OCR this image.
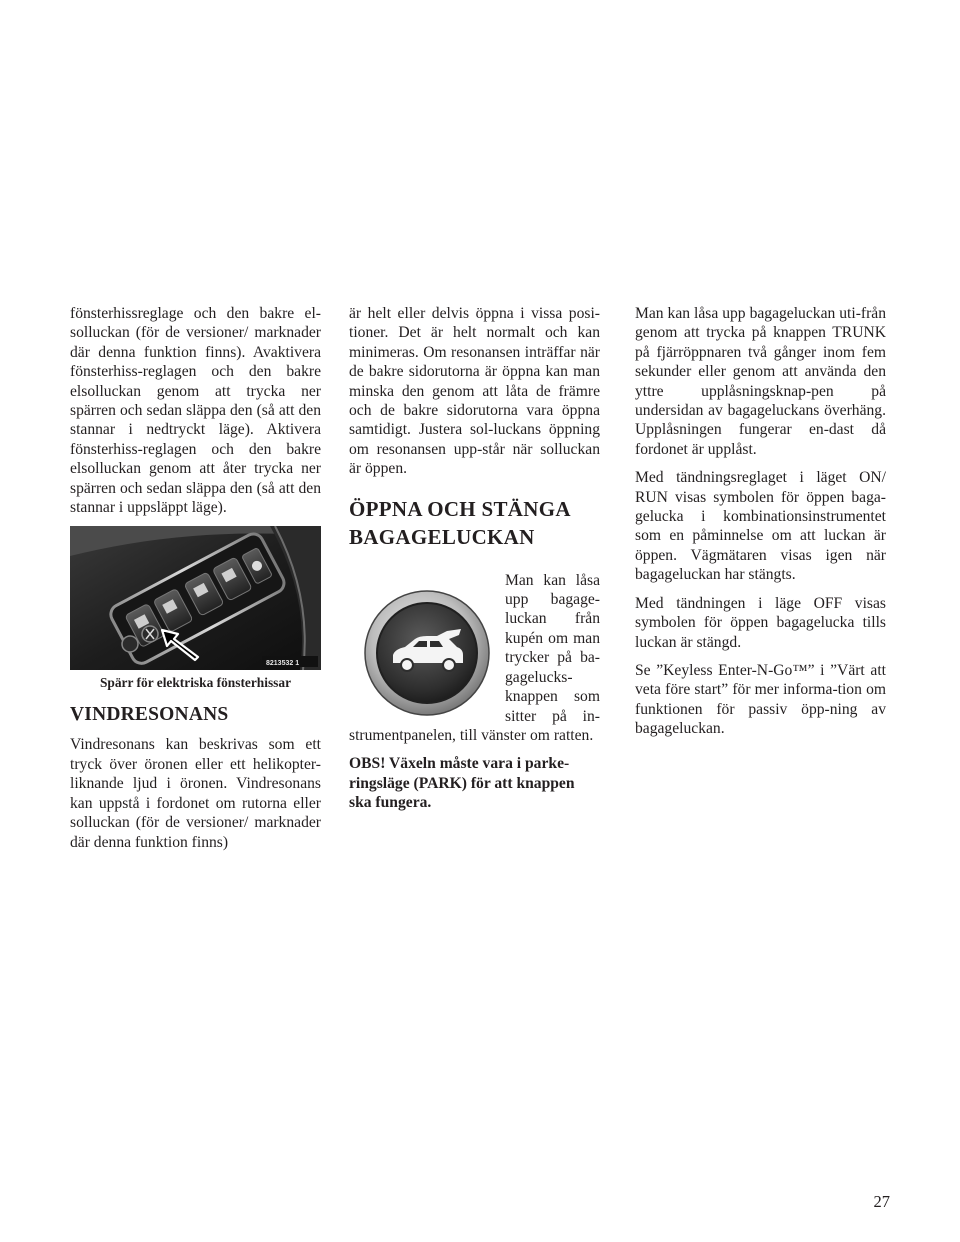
fönsterhissreglage och den bakre el-solluckan (för de versioner/ marknader där denna funktion finns). Avaktivera fönsterhiss-reglagen och den bakre elsolluckan genom att trycka ner spärren och sedan släppa den (så att den stannar i nedtryckt läge). Aktivera fönsterhiss-reglagen och den bakre elsolluckan genom att åter trycka ner spärren och sedan släppa den (så att den stannar i uppsläppt läge).

8213532 1
Spärr för elektriska fönsterhissar
VINDRESONANS

Vindresonans kan beskrivas som ett tryck över öronen eller ett helikopter-liknande ljud i öronen. Vindresonans kan uppstå i fordonet om rutorna eller solluckan (för de versioner/ marknader där denna funktion finns)

är helt eller delvis öppna i vissa posi-tioner. Det är helt normalt och kan minimeras. Om resonansen inträffar när de bakre sidorutorna är öppna kan man minska den genom att låta de främre och de bakre sidorutorna vara öppna samtidigt. Justera sol-luckans öppning om resonansen upp-står när solluckan är öppen.

ÖPPNA OCH STÄNGA
BAGAGELUCKAN

Man kan låsa upp bagage-luckan från kupén om man trycker på ba-gagelucks-knappen som sitter på in-strumentpanelen, till vänster om ratten.

OBS! Växeln måste vara i parke-ringsläge (PARK) för att knappen ska fungera.

Man kan låsa upp bagageluckan uti-från genom att trycka på knappen TRUNK på fjärröppnaren två gånger inom fem sekunder eller genom att använda den yttre upplåsningsknap-pen på undersidan av bagageluckans överhäng. Upplåsningen fungerar en-dast då fordonet är upplåst.

Med tändningsreglaget i läget ON/ RUN visas symbolen för öppen baga-gelucka i kombinationsinstrumentet som en påminnelse om att luckan är öppen. Vägmätaren visas igen när bagageluckan har stängts.

Med tändningen i läge OFF visas symbolen för öppen bagagelucka tills luckan är stängd.

Se ”Keyless Enter-N-Go™” i ”Värt att veta före start” för mer informa-tion om funktionen för passiv öpp-ning av bagageluckan.

27
